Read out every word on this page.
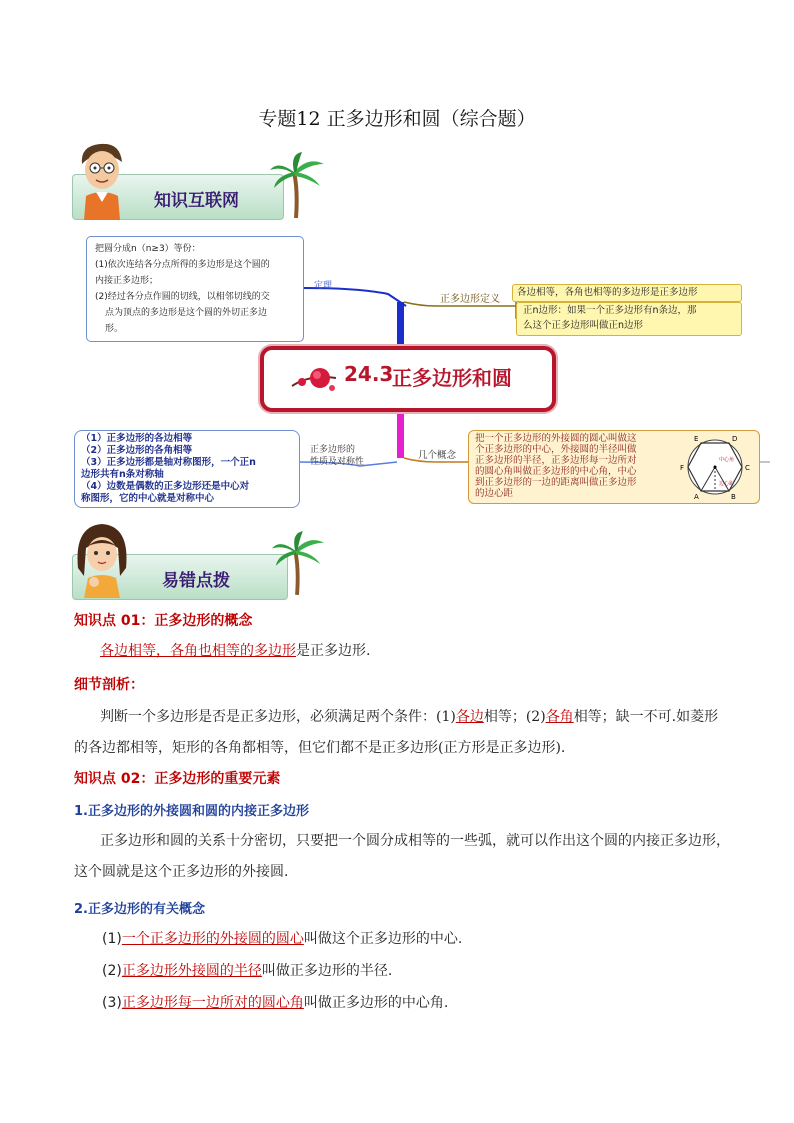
专题12 正多边形和圆（综合题）
知识互联网
把圆分成n（n≥3）等份：
(1)依次连结各分点所得的多边形是这个圆的
内接正多边形；
(2)经过各分点作圆的切线，以相邻切线的交
点为顶点的多边形是这个圆的外切正多边
形。
定理
正多边形定义
各边相等，各角也相等的多边形是正多边形
正n边形：如果一个正多边形有n条边，那
么这个正多边形叫做正n边形
24.3
正多边形和圆
（1）正多边形的各边相等
（2）正多边形的各角相等
（3）正多边形都是轴对称图形，一个正n
边形共有n条对称轴
（4）边数是偶数的正多边形还是中心对
称图形，它的中心就是对称中心
正多边形的
性质及对称性
几个概念
把一个正多边形的外接圆的圆心叫做这
个正多边形的中心，外接圆的半径叫做
正多边形的半径，正多边形每一边所对
的圆心角叫做正多边形的中心角，中心
到正多边形的一边的距离叫做正多边形
的边心距
E	D
C
F
A	B
中心角
边心距
易错点拨
知识点 01：正多边形的概念
各边相等，各角也相等的多边形是正多边形.
细节剖析：
判断一个多边形是否是正多边形，必须满足两个条件：(1)各边相等；(2)各角相等；缺一不可.如菱形
的各边都相等，矩形的各角都相等，但它们都不是正多边形(正方形是正多边形).
知识点 02：正多边形的重要元素
1.正多边形的外接圆和圆的内接正多边形
正多边形和圆的关系十分密切，只要把一个圆分成相等的一些弧，就可以作出这个圆的内接正多边形，
这个圆就是这个正多边形的外接圆.
2.正多边形的有关概念
(1)一个正多边形的外接圆的圆心叫做这个正多边形的中心.
(2)正多边形外接圆的半径叫做正多边形的半径.
(3)正多边形每一边所对的圆心角叫做正多边形的中心角.
